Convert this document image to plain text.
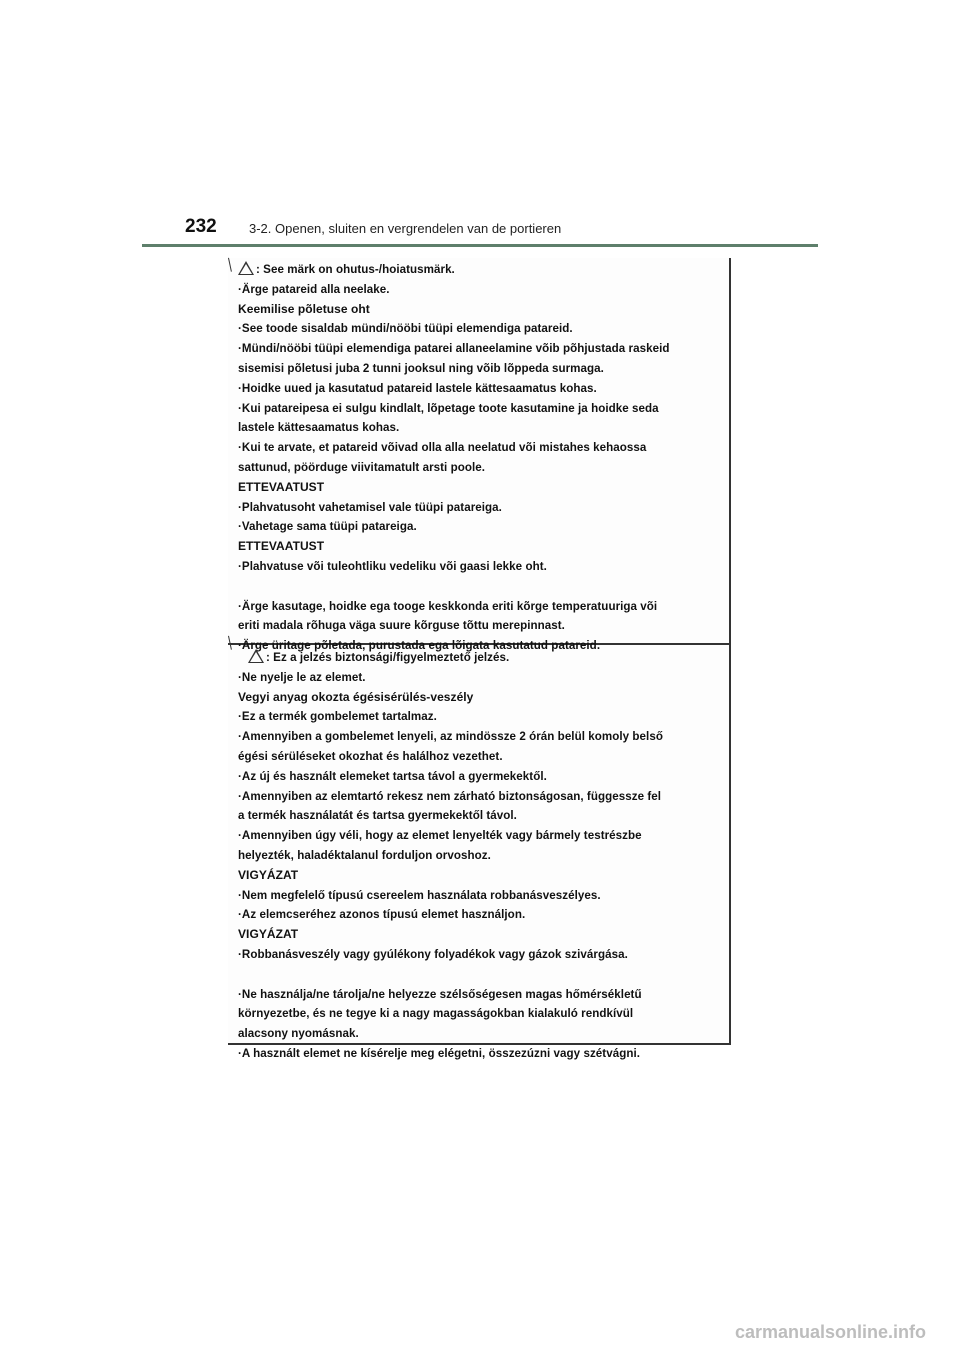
232 3-2. Openen, sluiten en vergrendelen van de portieren
: See märk on ohutus-/hoiatusmärk.
·Ärge patareid alla neelake.
Keemilise põletuse oht
·See toode sisaldab mündi/nööbi tüüpi elemendiga patareid.
·Mündi/nööbi tüüpi elemendiga patarei allaneelamine võib põhjustada raskeid
sisemisi põletusi juba 2 tunni jooksul ning võib lõppeda surmaga.
·Hoidke uued ja kasutatud patareid lastele kättesaamatus kohas.
·Kui patareipesa ei sulgu kindlalt, lõpetage toote kasutamine ja hoidke seda
lastele kättesaamatus kohas.
·Kui te arvate, et patareid võivad olla alla neelatud või mistahes kehaossa
sattunud, pöörduge viivitamatult arsti poole.
ETTEVAATUST
·Plahvatusoht vahetamisel vale tüüpi patareiga.
·Vahetage sama tüüpi patareiga.
ETTEVAATUST
·Plahvatuse või tuleohtliku vedeliku või gaasi lekke oht.
·Ärge kasutage, hoidke ega tooge keskkonda eriti kõrge temperatuuriga või
eriti madala rõhuga väga suure kõrguse tõttu merepinnast.
·Ärge üritage põletada, purustada ega lõigata kasutatud patareid.
: Ez a jelzés biztonsági/figyelmeztető jelzés.
·Ne nyelje le az elemet.
Vegyi anyag okozta égésisérülés-veszély
·Ez a termék gombelemet tartalmaz.
·Amennyiben a gombelemet lenyeli, az mindössze 2 órán belül komoly belső
égési sérüléseket okozhat és halálhoz vezethet.
·Az új és használt elemeket tartsa távol a gyermekektől.
·Amennyiben az elemtartó rekesz nem zárható biztonságosan, függessze fel
a termék használatát és tartsa gyermekektől távol.
·Amennyiben úgy véli, hogy az elemet lenyelték vagy bármely testrészbe
helyezték, haladéktalanul forduljon orvoshoz.
VIGYÁZAT
·Nem megfelelő típusú csereelem használata robbanásveszélyes.
·Az elemcseréhez azonos típusú elemet használjon.
VIGYÁZAT
·Robbanásveszély vagy gyúlékony folyadékok vagy gázok szivárgása.
·Ne használja/ne tárolja/ne helyezze szélsőségesen magas hőmérsékletű
környezetbe, és ne tegye ki a nagy magasságokban kialakuló rendkívül
alacsony nyomásnak.
·A használt elemet ne kísérelje meg elégetni, összezúzni vagy szétvágni.
carmanualsonline.info
